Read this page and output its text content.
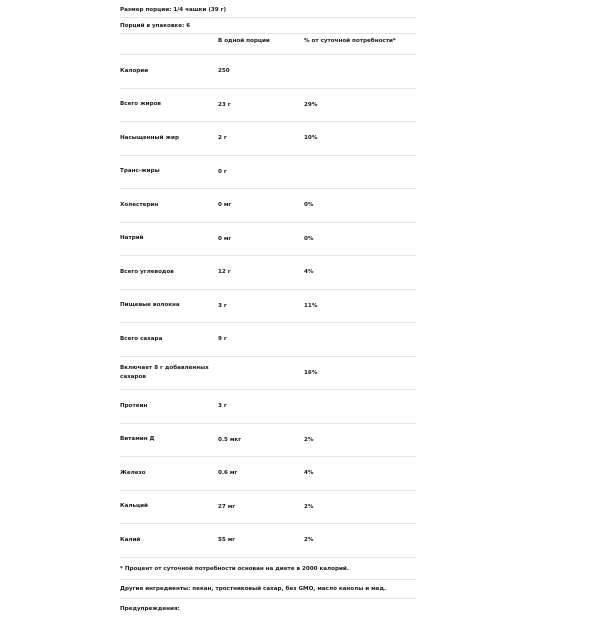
Размер порции: 1/4 чашки (39 г)
Порций в упаковке: 6
	В одной порции	% от суточной потребности*
Калории	250	
Всего жиров	23 г	29%
Насыщенный жир	2 г	10%
Транс-жиры	0 г	
Холестерин	0 мг	0%
Натрий	0 мг	0%
Всего углеводов	12 г	4%
Пищевые волокна	3 г	11%
Всего сахара	9 г	
Включает 8 г добавленных сахаров		16%
Протеин	3 г	
Витамин Д	0.5 мкг	2%
Железо	0.6 мг	4%
Кальций	27 мг	2%
Калий	55 мг	2%
* Процент от суточной потребности основан на диете в 2000 калорий.
Другие ингредиенты: пекан, тростниковый сахар, без GMO, масло канолы и мед.
Предупреждения:
